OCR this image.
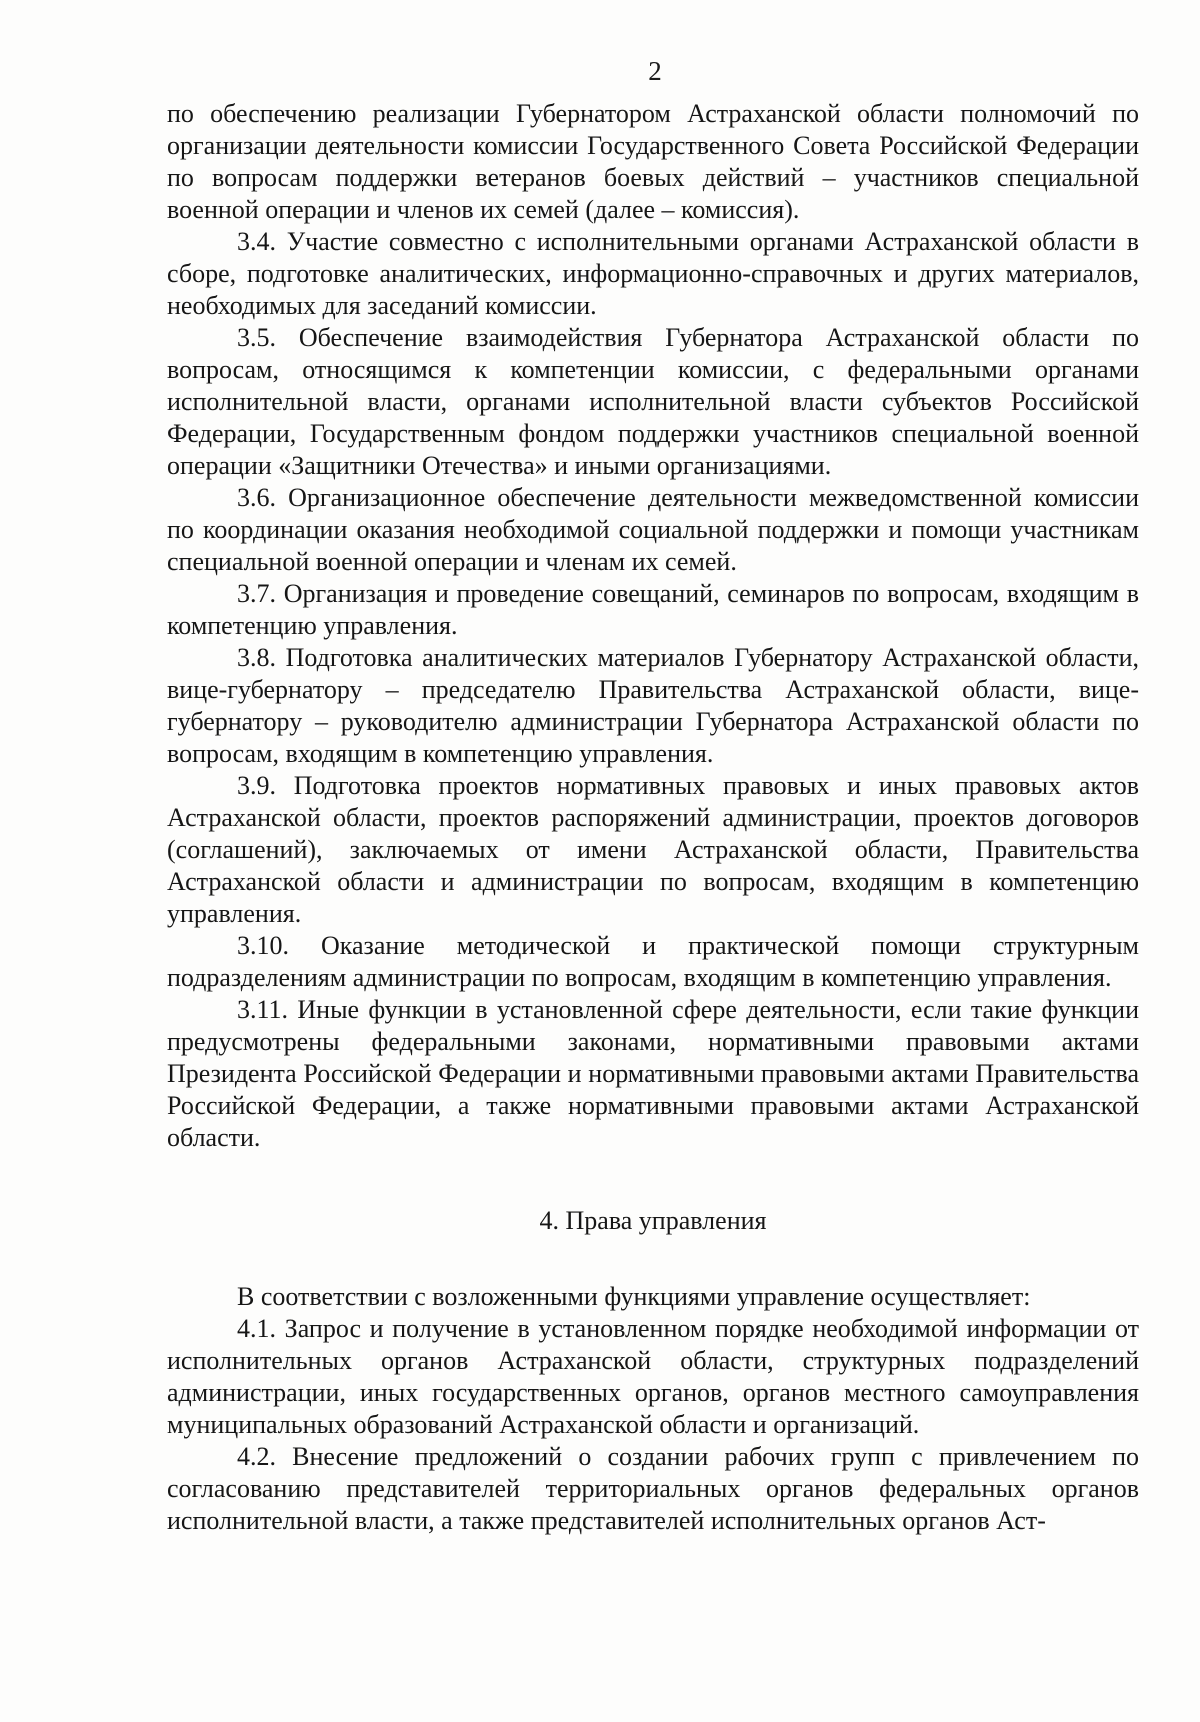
2

по обеспечению реализации Губернатором Астраханской области полномочий по организации деятельности комиссии Государственного Совета Российской Федерации по вопросам поддержки ветеранов боевых действий – участников специальной военной операции и членов их семей (далее – комиссия).

3.4. Участие совместно с исполнительными органами Астраханской области в сборе, подготовке аналитических, информационно-справочных и других материалов, необходимых для заседаний комиссии.

3.5. Обеспечение взаимодействия Губернатора Астраханской области по вопросам, относящимся к компетенции комиссии, с федеральными органами исполнительной власти, органами исполнительной власти субъектов Российской Федерации, Государственным фондом поддержки участников специальной военной операции «Защитники Отечества» и иными организациями.

3.6. Организационное обеспечение деятельности межведомственной комиссии по координации оказания необходимой социальной поддержки и помощи участникам специальной военной операции и членам их семей.

3.7. Организация и проведение совещаний, семинаров по вопросам, входящим в компетенцию управления.

3.8. Подготовка аналитических материалов Губернатору Астраханской области, вице-губернатору – председателю Правительства Астраханской области, вице-губернатору – руководителю администрации Губернатора Астраханской области по вопросам, входящим в компетенцию управления.

3.9. Подготовка проектов нормативных правовых и иных правовых актов Астраханской области, проектов распоряжений администрации, проектов договоров (соглашений), заключаемых от имени Астраханской области, Правительства Астраханской области и администрации по вопросам, входящим в компетенцию управления.

3.10. Оказание методической и практической помощи структурным подразделениям администрации по вопросам, входящим в компетенцию управления.

3.11. Иные функции в установленной сфере деятельности, если такие функции предусмотрены федеральными законами, нормативными правовыми актами Президента Российской Федерации и нормативными правовыми актами Правительства Российской Федерации, а также нормативными правовыми актами Астраханской области.

4. Права управления

В соответствии с возложенными функциями управление осуществляет:

4.1. Запрос и получение в установленном порядке необходимой информации от исполнительных органов Астраханской области, структурных подразделений администрации, иных государственных органов, органов местного самоуправления муниципальных образований Астраханской области и организаций.

4.2. Внесение предложений о создании рабочих групп с привлечением по согласованию представителей территориальных органов федеральных органов исполнительной власти, а также представителей исполнительных органов Аст-
